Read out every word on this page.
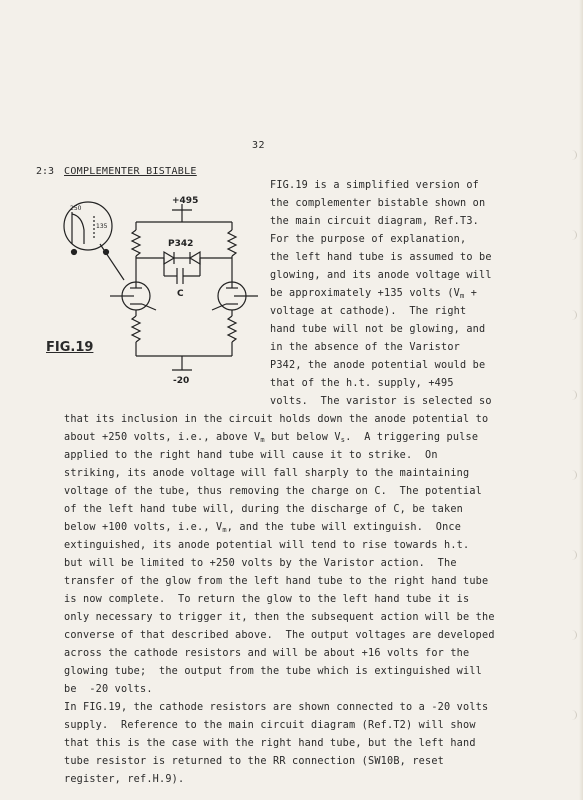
32
2:3 COMPLEMENTER BISTABLE
250
135
+495
P342
C
-20
FIG.19
FIG.19 is a simplified version of
the complementer bistable shown on
the main circuit diagram, Ref.T3.
For the purpose of explanation,
the left hand tube is assumed to be
glowing, and its anode voltage will
be approximately +135 volts ($V_m$ +
voltage at cathode).  The right
hand tube will not be glowing, and
in the absence of the Varistor
P342, the anode potential would be
that of the h.t. supply, +495
volts.  The varistor is selected so
that its inclusion in the circuit holds down the anode potential to
about +250 volts, i.e., above $V_m$ but below $V_s$.  A triggering pulse
applied to the right hand tube will cause it to strike.  On
striking, its anode voltage will fall sharply to the maintaining
voltage of the tube, thus removing the charge on C.  The potential
of the left hand tube will, during the discharge of C, be taken
below +100 volts, i.e., $V_m$, and the tube will extinguish.  Once
extinguished, its anode potential will tend to rise towards h.t.
but will be limited to +250 volts by the Varistor action.  The
transfer of the glow from the left hand tube to the right hand tube
is now complete.  To return the glow to the left hand tube it is
only necessary to trigger it, then the subsequent action will be the
converse of that described above.  The output voltages are developed
across the cathode resistors and will be about +16 volts for the
glowing tube;  the output from the tube which is extinguished will
be  -20 volts.
In FIG.19, the cathode resistors are shown connected to a -20 volts
supply.  Reference to the main circuit diagram (Ref.T2) will show
that this is the case with the right hand tube, but the left hand
tube resistor is returned to the RR connection (SW10B, reset
register, ref.H.9).
